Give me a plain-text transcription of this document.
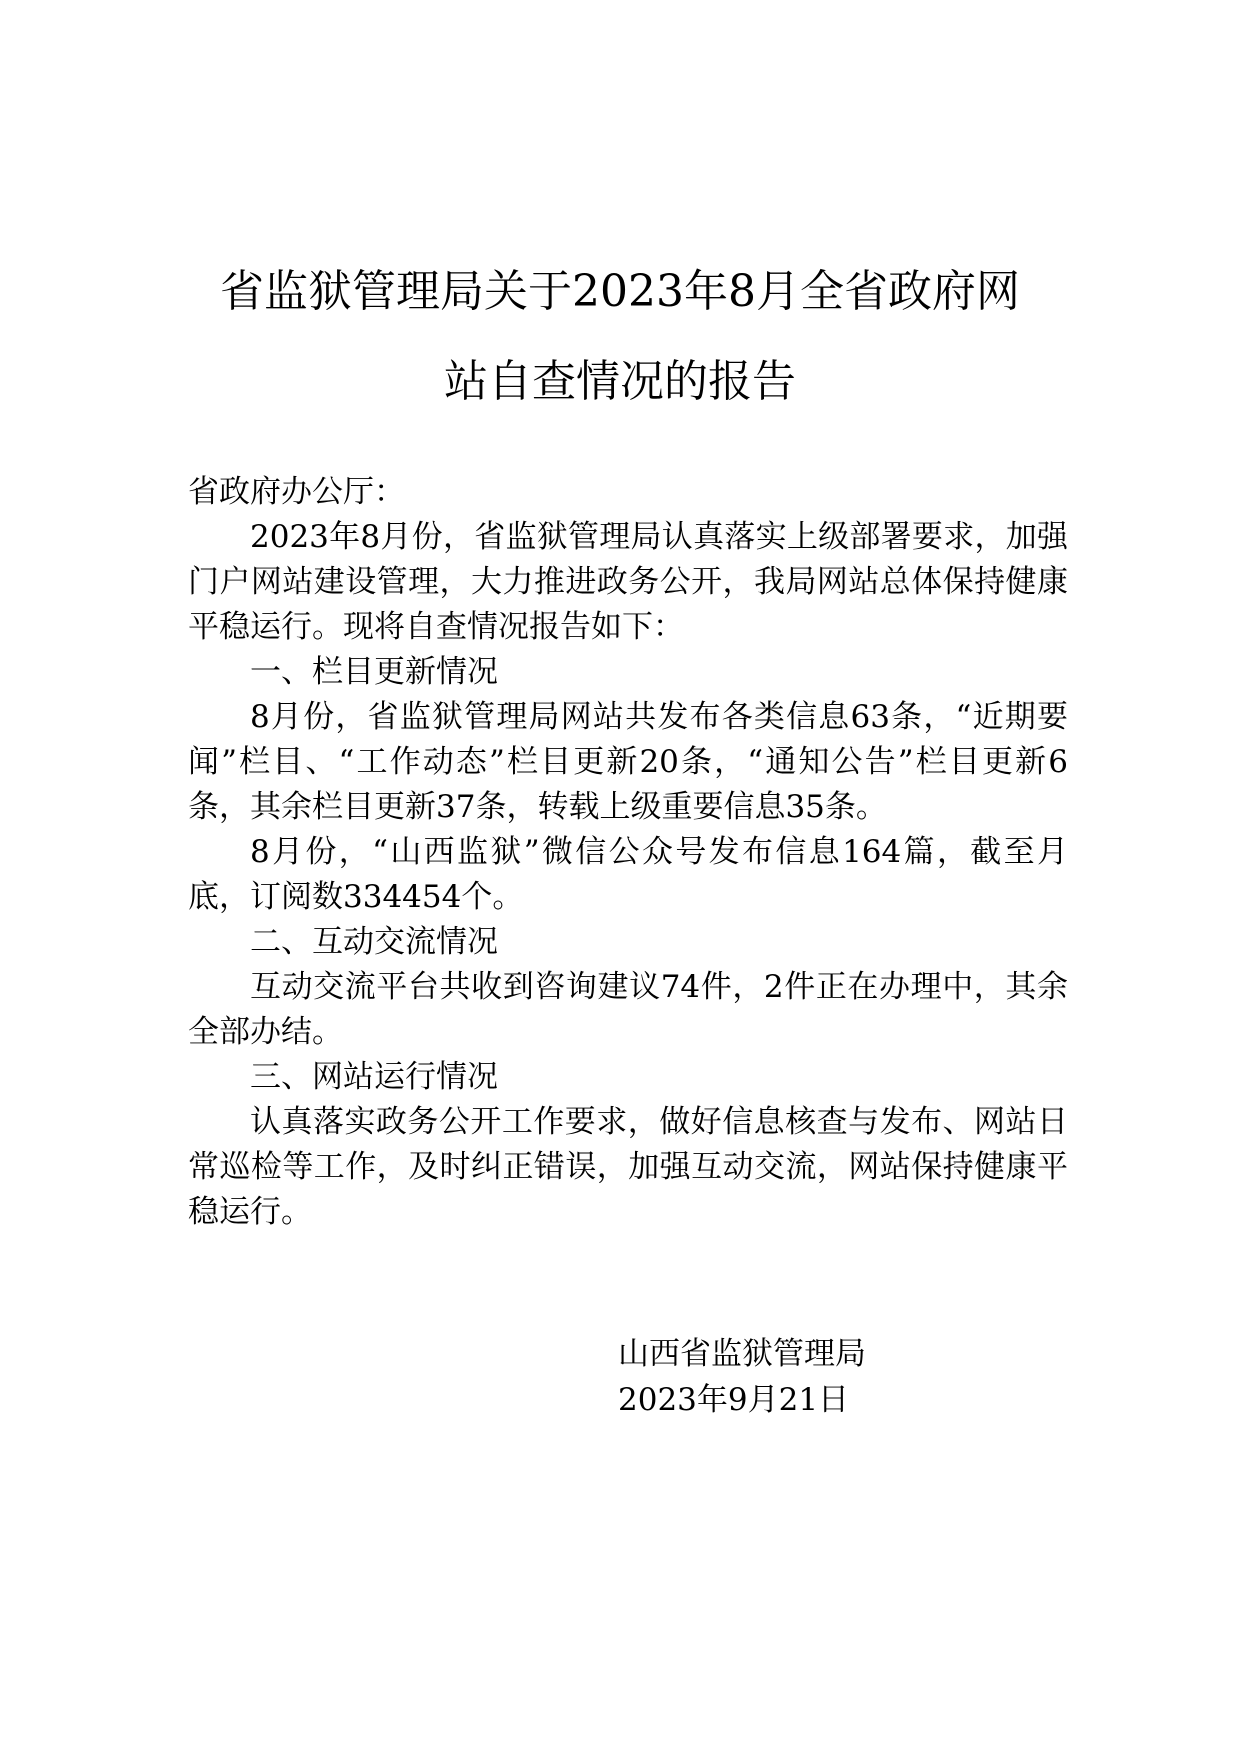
省监狱管理局关于2023年8月全省政府网
站自查情况的报告
省政府办公厅：

2023年8月份，省监狱管理局认真落实上级部署要求，加强门户网站建设管理，大力推进政务公开，我局网站总体保持健康平稳运行。现将自查情况报告如下：

一、栏目更新情况

8月份，省监狱管理局网站共发布各类信息63条，“近期要闻”栏目、“工作动态”栏目更新20条，“通知公告”栏目更新6条，其余栏目更新37条，转载上级重要信息35条。

8月份，“山西监狱”微信公众号发布信息164篇，截至月底，订阅数334454个。

二、互动交流情况

互动交流平台共收到咨询建议74件，2件正在办理中，其余全部办结。

三、网站运行情况

认真落实政务公开工作要求，做好信息核查与发布、网站日常巡检等工作，及时纠正错误，加强互动交流，网站保持健康平稳运行。

山西省监狱管理局
2023年9月21日
